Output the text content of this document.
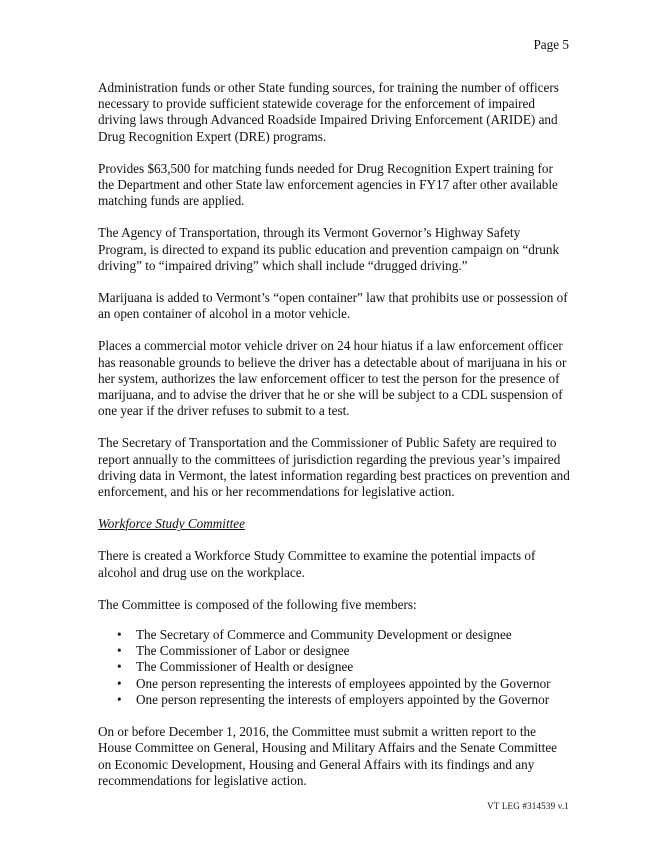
Page 5

Administration funds or other State funding sources, for training the number of officers necessary to provide sufficient statewide coverage for the enforcement of impaired driving laws through Advanced Roadside Impaired Driving Enforcement (ARIDE) and Drug Recognition Expert (DRE) programs.

Provides $63,500 for matching funds needed for Drug Recognition Expert training for the Department and other State law enforcement agencies in FY17 after other available matching funds are applied.

The Agency of Transportation, through its Vermont Governor’s Highway Safety Program, is directed to expand its public education and prevention campaign on “drunk driving” to “impaired driving” which shall include “drugged driving.”

Marijuana is added to Vermont’s “open container” law that prohibits use or possession of an open container of alcohol in a motor vehicle.

Places a commercial motor vehicle driver on 24 hour hiatus if a law enforcement officer has reasonable grounds to believe the driver has a detectable about of marijuana in his or her system, authorizes the law enforcement officer to test the person for the presence of marijuana, and to advise the driver that he or she will be subject to a CDL suspension of one year if the driver refuses to submit to a test.

The Secretary of Transportation and the Commissioner of Public Safety are required to report annually to the committees of jurisdiction regarding the previous year’s impaired driving data in Vermont, the latest information regarding best practices on prevention and enforcement, and his or her recommendations for legislative action.

Workforce Study Committee

There is created a Workforce Study Committee to examine the potential impacts of alcohol and drug use on the workplace.

The Committee is composed of the following five members:

• The Secretary of Commerce and Community Development or designee
• The Commissioner of Labor or designee
• The Commissioner of Health or designee
• One person representing the interests of employees appointed by the Governor
• One person representing the interests of employers appointed by the Governor

On or before December 1, 2016, the Committee must submit a written report to the House Committee on General, Housing and Military Affairs and the Senate Committee on Economic Development, Housing and General Affairs with its findings and any recommendations for legislative action.

VT LEG #314539 v.1
